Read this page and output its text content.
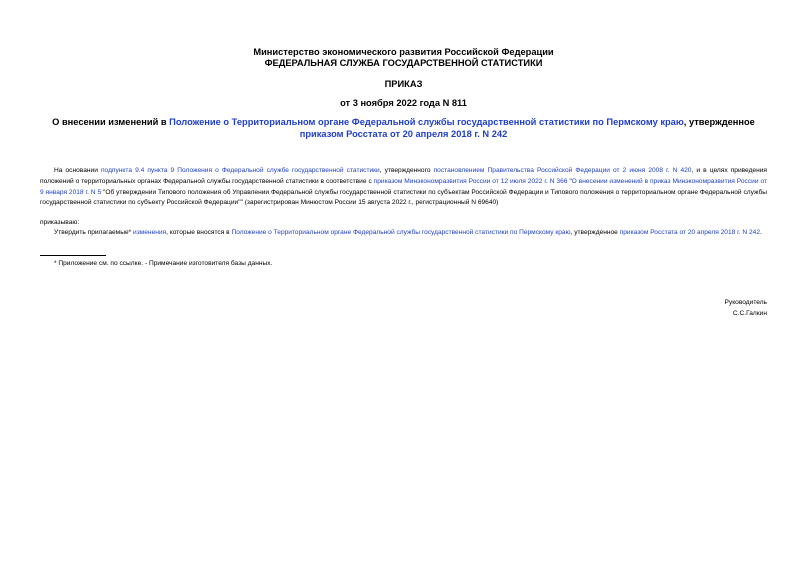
Министерство экономического развития Российской Федерации
ФЕДЕРАЛЬНАЯ СЛУЖБА ГОСУДАРСТВЕННОЙ СТАТИСТИКИ
ПРИКАЗ
от 3 ноября 2022 года N 811
О внесении изменений в Положение о Территориальном органе Федеральной службы государственной статистики по Пермскому краю, утвержденное приказом Росстата от 20 апреля 2018 г. N 242
На основании подпункта 9.4 пункта 9 Положения о Федеральной службе государственной статистики, утвержденного постановлением Правительства Российской Федерации от 2 июня 2008 г. N 420, и в целях приведения положений о территориальных органах Федеральной службы государственной статистики в соответствие с приказом Минэкономразвития России от 12 июля 2022 г. N 366 "О внесении изменений в приказ Минэкономразвития России от 9 января 2018 г. N 5 "Об утверждении Типового положения об Управлении Федеральной службы государственной статистики по субъектам Российской Федерации и Типового положения о территориальном органе Федеральной службы государственной статистики по субъекту Российской Федерации"" (зарегистрирован Минюстом России 15 августа 2022 г., регистрационный N 69640)
приказываю:
Утвердить прилагаемые* изменения, которые вносятся в Положение о Территориальном органе Федеральной службы государственной статистики по Пермскому краю, утвержденное приказом Росстата от 20 апреля 2018 г. N 242.
* Приложение см. по ссылке. - Примечание изготовителя базы данных.
Руководитель
С.С.Галкин
